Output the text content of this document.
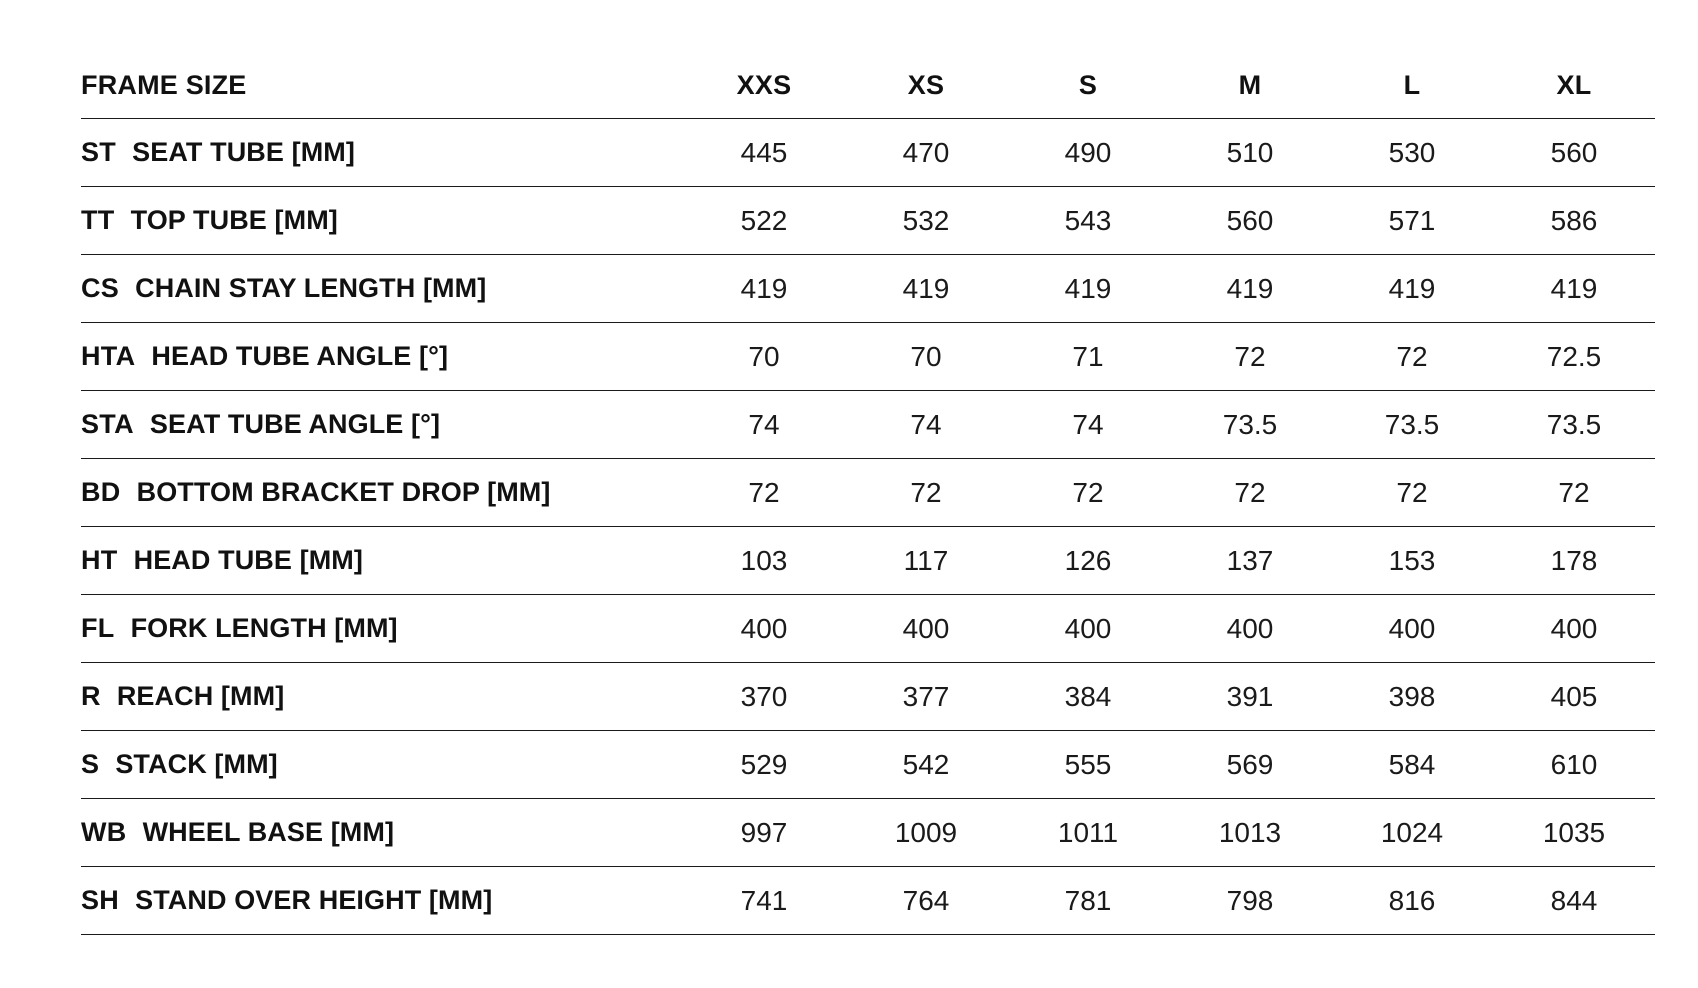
FRAME SIZE	XXS	XS	S	M	L	XL
ST SEAT TUBE [MM]	445	470	490	510	530	560
TT TOP TUBE [MM]	522	532	543	560	571	586
CS CHAIN STAY LENGTH [MM]	419	419	419	419	419	419
HTA HEAD TUBE ANGLE [°]	70	70	71	72	72	72.5
STA SEAT TUBE ANGLE [°]	74	74	74	73.5	73.5	73.5
BD BOTTOM BRACKET DROP [MM]	72	72	72	72	72	72
HT HEAD TUBE [MM]	103	117	126	137	153	178
FL FORK LENGTH [MM]	400	400	400	400	400	400
R REACH [MM]	370	377	384	391	398	405
S STACK [MM]	529	542	555	569	584	610
WB WHEEL BASE [MM]	997	1009	1011	1013	1024	1035
SH STAND OVER HEIGHT [MM]	741	764	781	798	816	844
